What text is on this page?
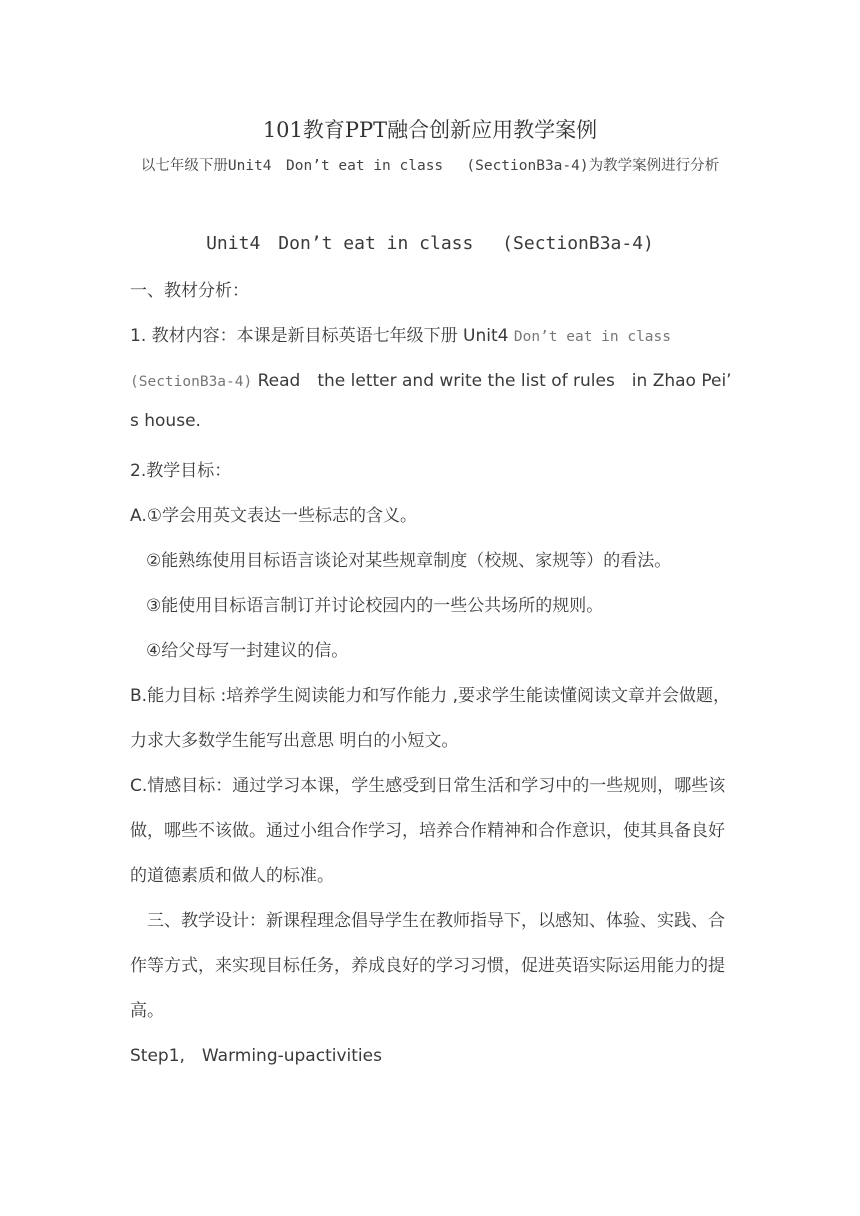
101教育PPT融合创新应用教学案例
以七年级下册Unit4　Don’t eat in class　 (SectionB3a-4)为教学案例进行分析
Unit4　Don’t eat in class　 (SectionB3a-4)
一、教材分析：
1. 教材内容：本课是新目标英语七年级下册 Unit4 Don’t eat in class
(SectionB3a-4) Read　the letter and write the list of rules　in Zhao Pei’
s house.
2.教学目标：
A.①学会用英文表达一些标志的含义。
②能熟练使用目标语言谈论对某些规章制度（校规、家规等）的看法。
③能使用目标语言制订并讨论校园内的一些公共场所的规则。
④给父母写一封建议的信。
B.能力目标 :培养学生阅读能力和写作能力 ,要求学生能读懂阅读文章并会做题，
力求大多数学生能写出意思 明白的小短文。
C.情感目标：通过学习本课，学生感受到日常生活和学习中的一些规则，哪些该
做，哪些不该做。通过小组合作学习，培养合作精神和合作意识，使其具备良好
的道德素质和做人的标准。
三、教学设计：新课程理念倡导学生在教师指导下，以感知、体验、实践、合
作等方式，来实现目标任务，养成良好的学习习惯，促进英语实际运用能力的提
高。
Step1,　Warming-upactivities
